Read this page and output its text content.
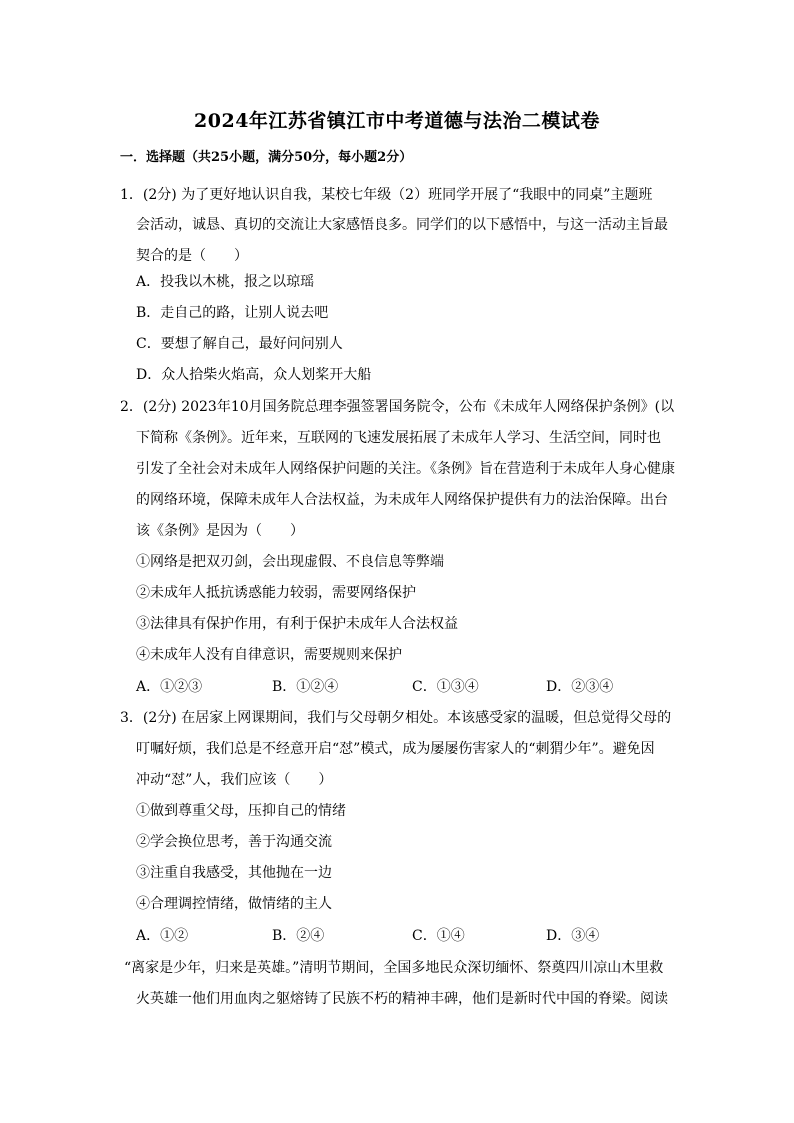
2024年江苏省镇江市中考道德与法治二模试卷
一．选择题（共25小题，满分50分，每小题2分）
1．(2分) 为了更好地认识自我，某校七年级（2）班同学开展了“我眼中的同桌”主题班
会活动，诚恳、真切的交流让大家感悟良多。同学们的以下感悟中，与这一活动主旨最
契合的是（　　）
A．投我以木桃，报之以琼瑶
B．走自己的路，让别人说去吧
C．要想了解自己，最好问问别人
D．众人拾柴火焰高，众人划桨开大船
2．(2分) 2023年10月国务院总理李强签署国务院令，公布《未成年人网络保护条例》(以
下简称《条例》。近年来，互联网的飞速发展拓展了未成年人学习、生活空间，同时也
引发了全社会对未成年人网络保护问题的关注。《条例》旨在营造利于未成年人身心健康
的网络环境，保障未成年人合法权益，为未成年人网络保护提供有力的法治保障。出台
该《条例》是因为（　　）
①网络是把双刃剑，会出现虚假、不良信息等弊端
②未成年人抵抗诱惑能力较弱，需要网络保护
③法律具有保护作用，有利于保护未成年人合法权益
④未成年人没有自律意识，需要规则来保护
A．①②③	B．①②④	C．①③④	D．②③④
3．(2分) 在居家上网课期间，我们与父母朝夕相处。本该感受家的温暖，但总觉得父母的
叮嘱好烦，我们总是不经意开启“怼”模式，成为屡屡伤害家人的“刺猬少年”。避免因
冲动“怼”人，我们应该（　　）
①做到尊重父母，压抑自己的情绪
②学会换位思考，善于沟通交流
③注重自我感受，其他抛在一边
④合理调控情绪，做情绪的主人
A．①②	B．②④	C．①④	D．③④
“离家是少年，归来是英雄。”清明节期间，全国多地民众深切缅怀、祭奠四川凉山木里救
火英雄一他们用血肉之躯熔铸了民族不朽的精神丰碑，他们是新时代中国的脊梁。阅读
